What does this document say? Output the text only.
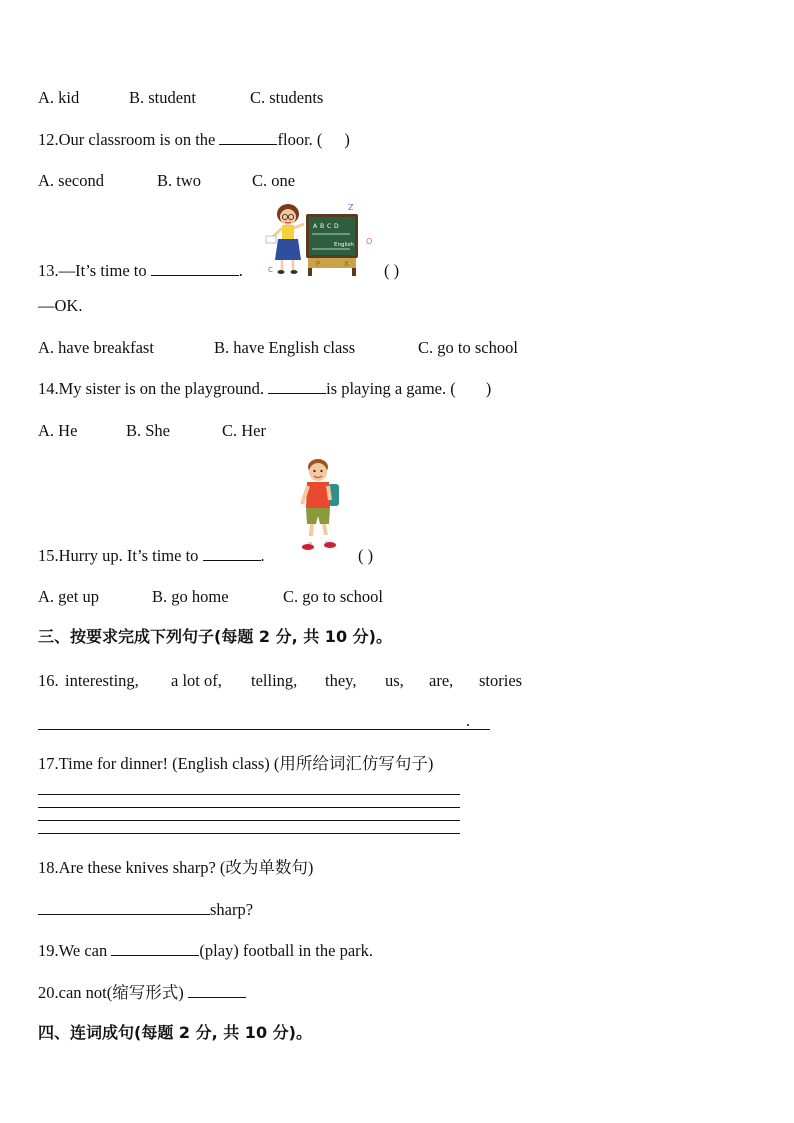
A. kid	B. student	C. students
12.Our classroom is on the	floor. ( )
A. second	B. two	C. one
A B C D
English
Z
O
P	X
C
13.—It’s time to	.	( )
—OK.
A. have breakfast	B. have English class	C. go to school
14.My sister is on the playground.	is playing a game. ( )
A. He	B. She	C. Her
15.Hurry up. It’s time to	.	( )
A. get up	B. go home	C. go to school
三、按要求完成下列句子(每题 2 分, 共 10 分)。
16. interesting, a lot of, telling, they, us, are, stories
.
17.Time for dinner! (English class) (用所给词汇仿写句子)
18.Are these knives sharp? (改为单数句)
sharp?
19.We can	(play) football in the park.
20.can not(缩写形式)
四、连词成句(每题 2 分, 共 10 分)。
